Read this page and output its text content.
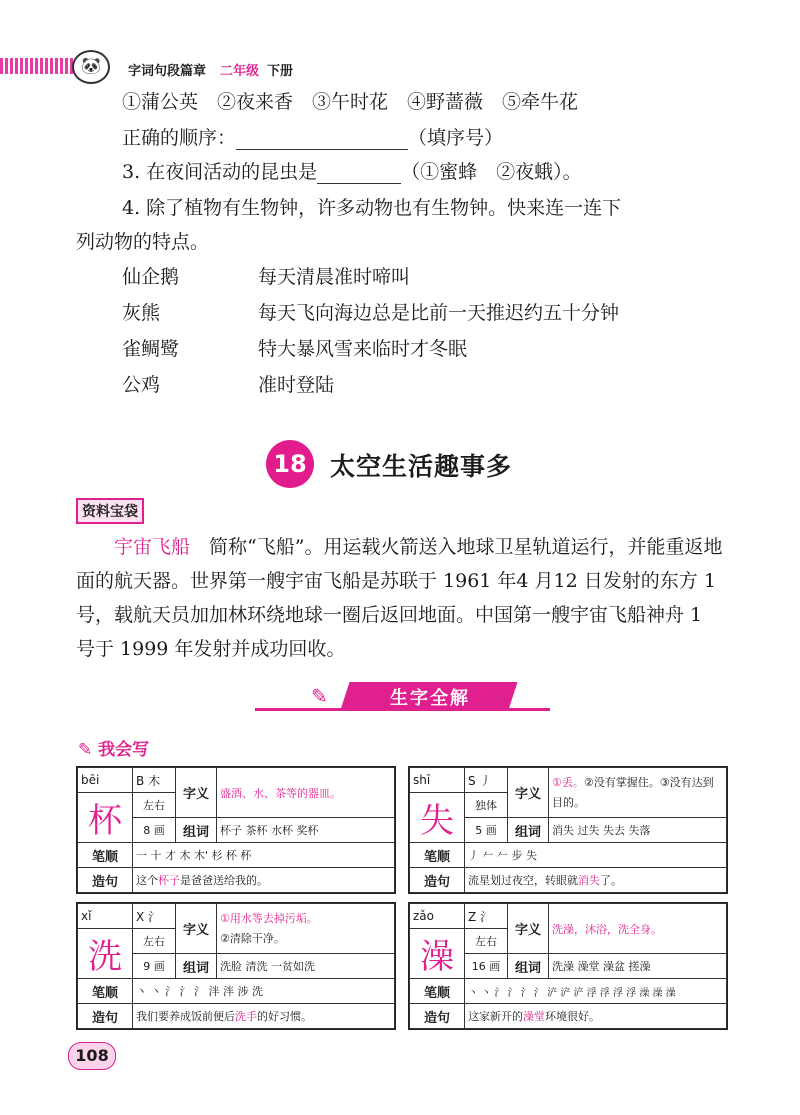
🐼	字词句段篇章 二年级 下册
①蒲公英　②夜来香　③午时花　④野蔷薇　⑤牵牛花
正确的顺序：	（填序号）
3. 在夜间活动的昆虫是	（①蜜蜂　②夜蛾）。
4. 除了植物有生物钟，许多动物也有生物钟。快来连一连下
列动物的特点。
仙企鹅	每天清晨准时啼叫
灰熊	每天飞向海边总是比前一天推迟约五十分钟
雀鲷鹭	特大暴风雪来临时才冬眠
公鸡	准时登陆
18 太空生活趣事多
资料宝袋
宇宙飞船　简称“飞船”。用运载火箭送入地球卫星轨道运行，并能重返地面的航天器。世界第一艘宇宙飞船是苏联于 1961 年4 月12 日发射的东方 1 号，载航天员加加林环绕地球一圈后返回地面。中国第一艘宇宙飞船神舟 1 号于 1999 年发射并成功回收。
✎	生字全解
✎ 我会写
bēi	B 木	字义	盛酒、水、茶等的器皿。
杯	左右		
	8 画	组词	杯子 茶杯 水杯 奖杯
笔顺	一 十 才 木 木' 杉 杯 杯		
造句	这个杯子是爸爸送给我的。		
shī	S 丿	字义	①丢。②没有掌握住。③没有达到目的。
失	独体		
	5 画	组词	消失 过失 失去 失落
笔顺	丿 𠂉 𠂉 步 失		
造句	流星划过夜空，转眼就消失了。		
xǐ	X 氵	字义	①用水等去掉污垢。
②清除干净。
洗	左右		
	9 画	组词	洗脸 清洗 一贫如洗
笔顺	丶 丶 氵 氵 氵 泮 泮 涉 洗		
造句	我们要养成饭前便后洗手的好习惯。		
zǎo	Z 氵	字义	洗澡，沐浴，洗全身。
澡	左右		
	16 画	组词	洗澡 澡堂 澡盆 搓澡
笔顺	丶 丶 氵 氵 氵 氵 浐 浐 浐 浮 浮 浮 浮 澡 澡 澡		
造句	这家新开的澡堂环境很好。		
108
